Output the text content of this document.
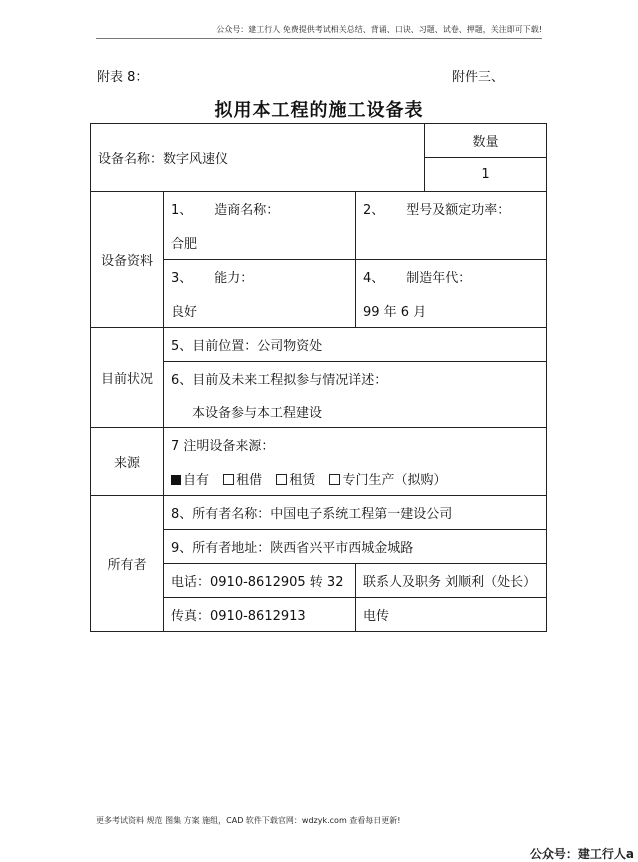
公众号：建工行人 免费提供考试相关总结、背诵、口诀、习题、试卷、押题，关注即可下载!
附表 8：	附件三、
拟用本工程的施工设备表
设备名称：数字风速仪			数量
			1
设备资料	1、 造商名称：	2、 型号及额定功率：	
	合肥		
	3、 能力：	4、 制造年代：	
	良好	99 年 6 月	
目前状况	5、目前位置：公司物资处		
	6、目前及未来工程拟参与情况详述：		
	本设备参与本工程建设		
来源	7 注明设备来源：		
	自有 租借 租赁 专门生产（拟购）		
所有者	8、所有者名称：中国电子系统工程第一建设公司		
	9、所有者地址：陕西省兴平市西城金城路		
	电话：0910-8612905 转 32	联系人及职务 刘顺利（处长）	
	传真：0910-8612913	电传	
更多考试资料 规范 图集 方案 施组，CAD 软件下载官网：wdzyk.com 查看每日更新!
公众号：建工行人a
